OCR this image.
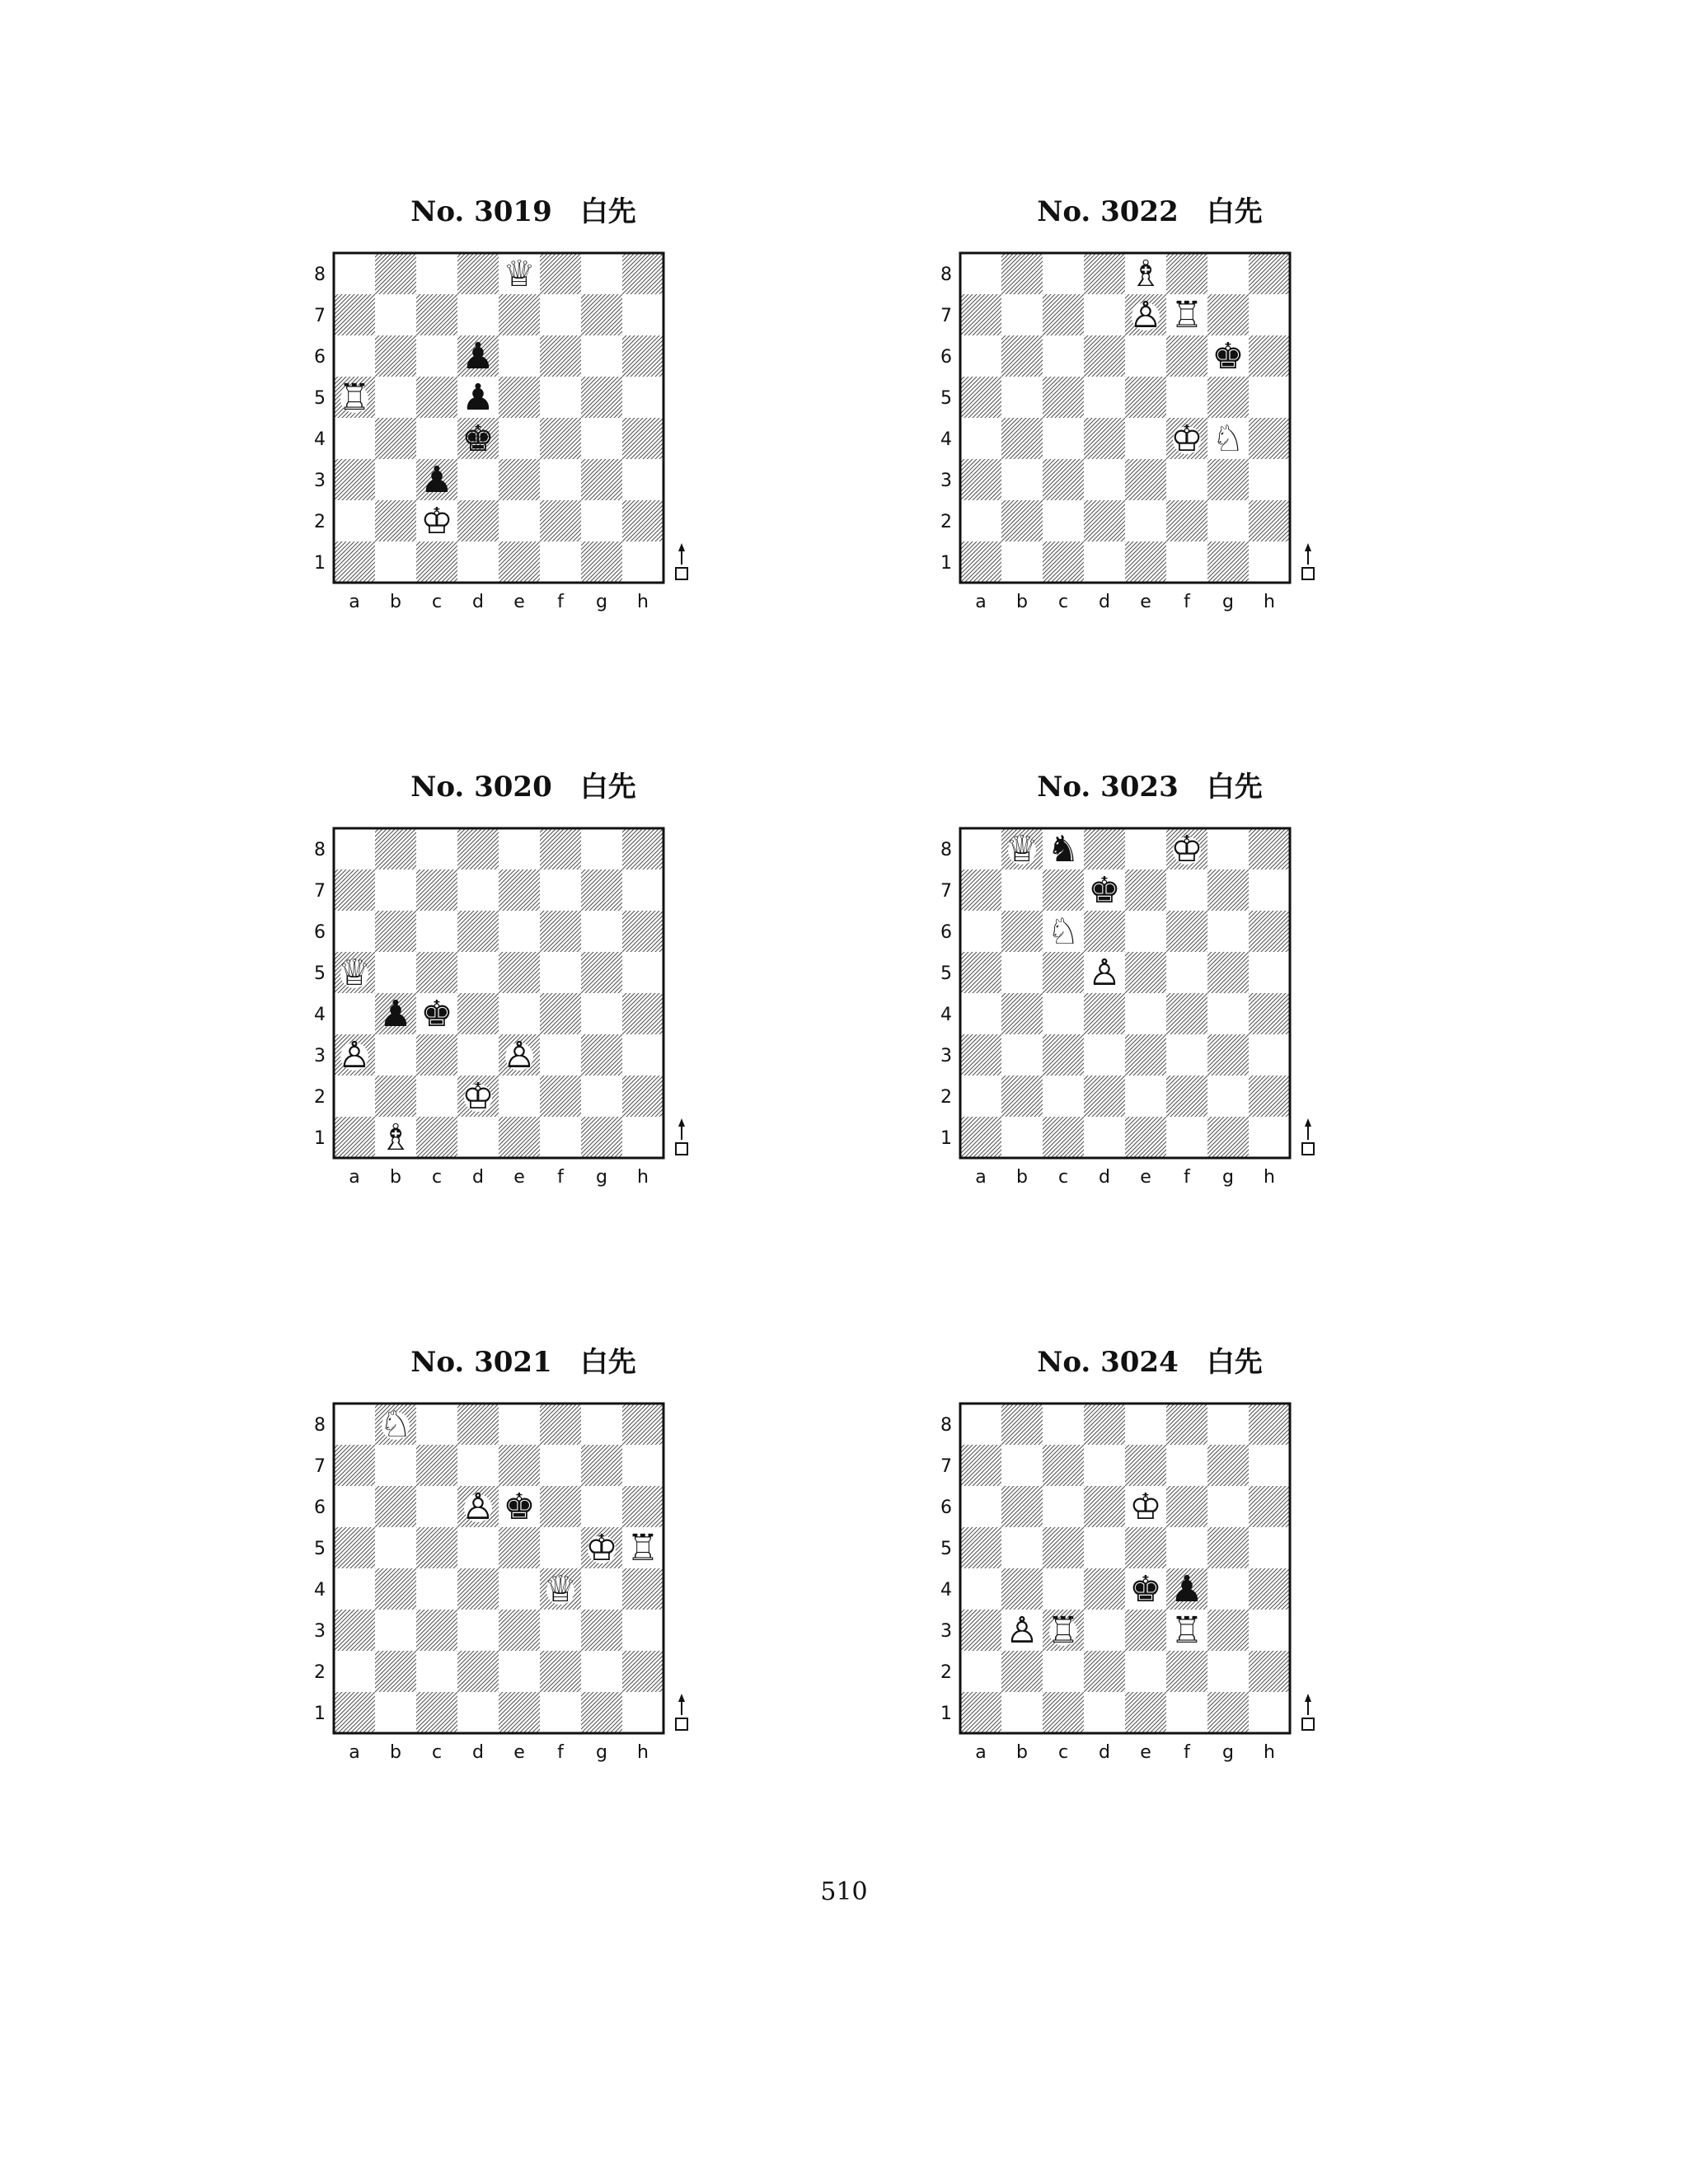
No. 3019　白先
8
7
6
5
4
3
2
1
a b c d e f g h
♕
♟
♖	♟
♚
♟
♔
No. 3022　白先
8
7
6
5
4
3
2
1
a b c d e f g h
♗
♙ ♖
♚
♔ ♘
No. 3020　白先
8
7
6
5
4
3
2
1
a b c d e f g h
♕
♟ ♚
♙	♙
♔
♗
No. 3023　白先
8
7
6
5
4
3
2
1
a b c d e f g h
♕ ♞	♔
♚
♘
♙
No. 3021　白先
8
7
6
5
4
3
2
1
a b c d e f g h
♘
♙ ♚
♔ ♖
♕
No. 3024　白先
8
7
6
5
4
3
2
1
a b c d e f g h
♔
♚ ♟
♙ ♖	♖
510
